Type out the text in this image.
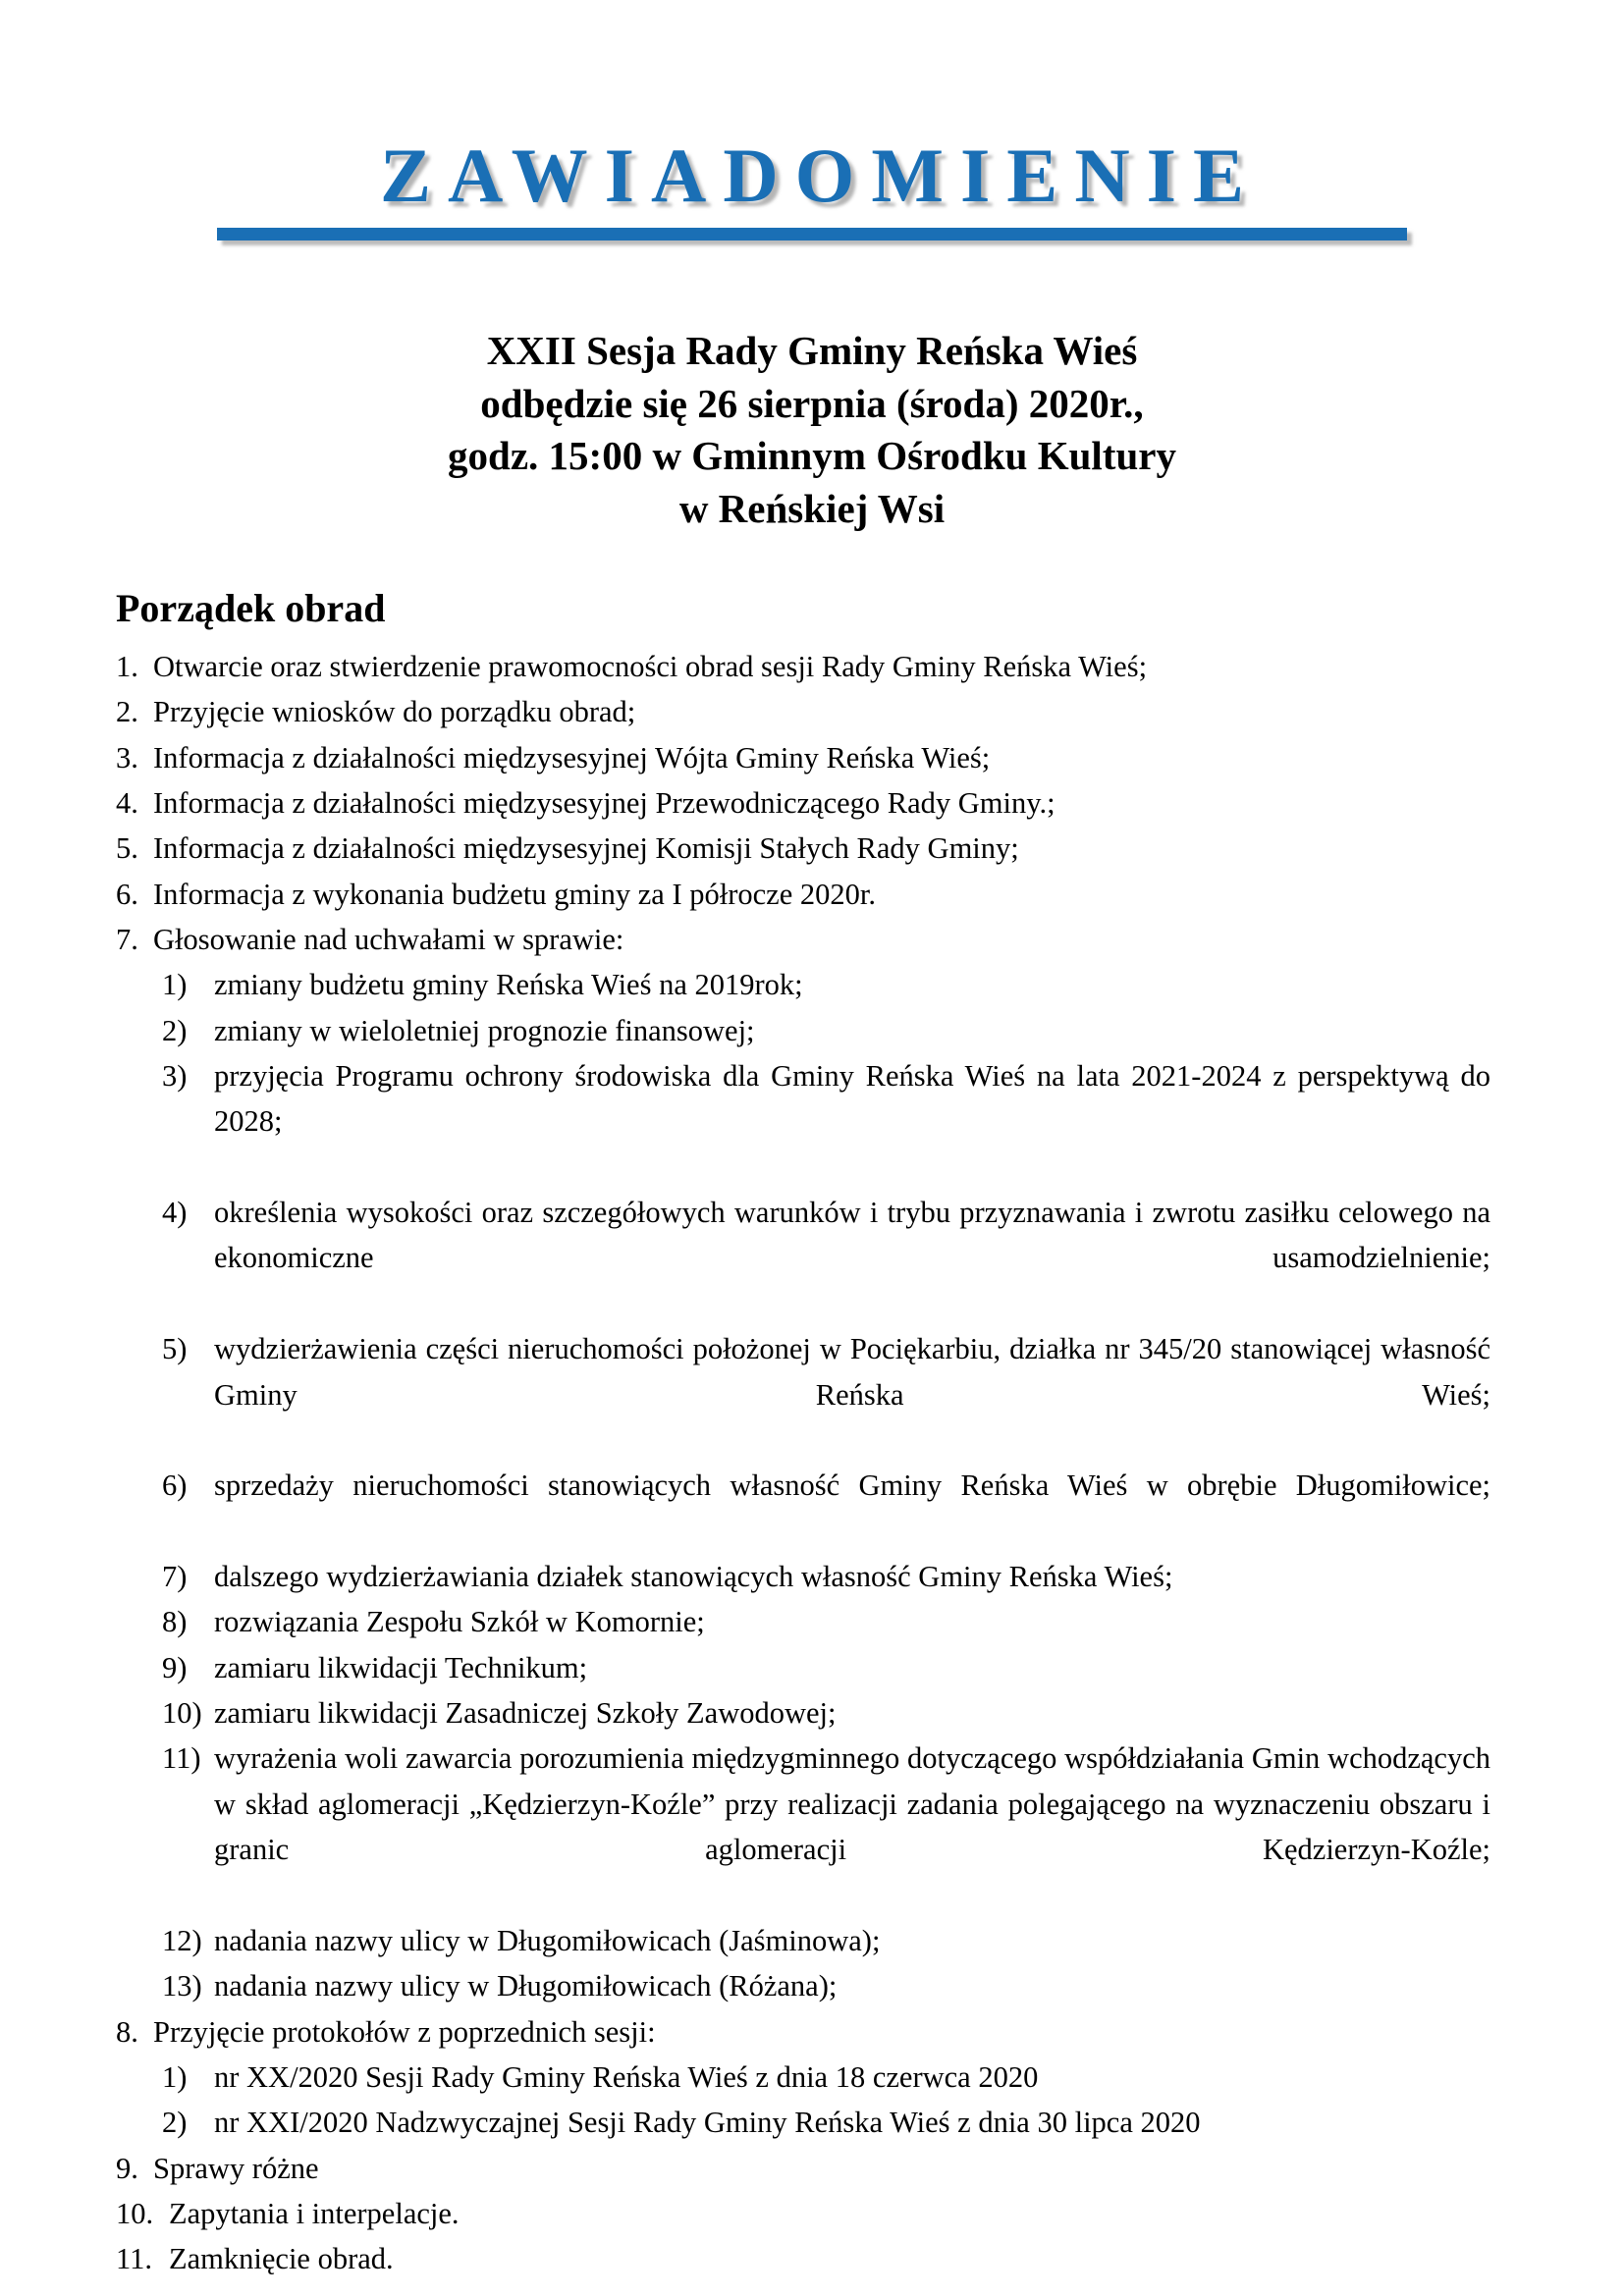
ZAWIADOMIENIE
XXII Sesja Rady Gminy Reńska Wieś
odbędzie się 26 sierpnia (środa) 2020r.,
godz. 15:00 w Gminnym Ośrodku Kultury
w Reńskiej Wsi
Porządek obrad
1. Otwarcie oraz stwierdzenie prawomocności obrad sesji Rady Gminy Reńska Wieś;
2. Przyjęcie wniosków do porządku obrad;
3. Informacja z działalności międzysesyjnej Wójta Gminy Reńska Wieś;
4. Informacja z działalności międzysesyjnej Przewodniczącego Rady Gminy.;
5. Informacja z działalności międzysesyjnej Komisji Stałych Rady Gminy;
6. Informacja z wykonania budżetu gminy za I półrocze 2020r.
7. Głosowanie nad uchwałami w sprawie:
1) zmiany budżetu gminy Reńska Wieś na 2019rok;
2) zmiany w wieloletniej prognozie finansowej;
3) przyjęcia Programu ochrony środowiska dla Gminy Reńska Wieś na lata 2021-2024 z perspektywą do 2028;
4) określenia wysokości oraz szczegółowych warunków i trybu przyznawania i zwrotu zasiłku celowego na ekonomiczne usamodzielnienie;
5) wydzierżawienia części nieruchomości położonej w Pociękarbiu, działka nr 345/20 stanowiącej własność Gminy Reńska Wieś;
6) sprzedaży nieruchomości stanowiących własność Gminy Reńska Wieś w obrębie Długomiłowice;
7) dalszego wydzierżawiania działek stanowiących własność Gminy Reńska Wieś;
8) rozwiązania Zespołu Szkół w Komornie;
9) zamiaru likwidacji Technikum;
10) zamiaru likwidacji Zasadniczej Szkoły Zawodowej;
11) wyrażenia woli zawarcia porozumienia międzygminnego dotyczącego współdziałania Gmin wchodzących w skład aglomeracji „Kędzierzyn-Koźle” przy realizacji zadania polegającego na wyznaczeniu obszaru i granic aglomeracji Kędzierzyn-Koźle;
12) nadania nazwy ulicy w Długomiłowicach (Jaśminowa);
13) nadania nazwy ulicy w Długomiłowicach (Różana);
8. Przyjęcie protokołów z poprzednich sesji:
1) nr XX/2020 Sesji Rady Gminy Reńska Wieś z dnia 18 czerwca 2020
2) nr XXI/2020 Nadzwyczajnej Sesji Rady Gminy Reńska Wieś z dnia 30 lipca 2020
9. Sprawy różne
10. Zapytania i interpelacje.
11. Zamknięcie obrad.
